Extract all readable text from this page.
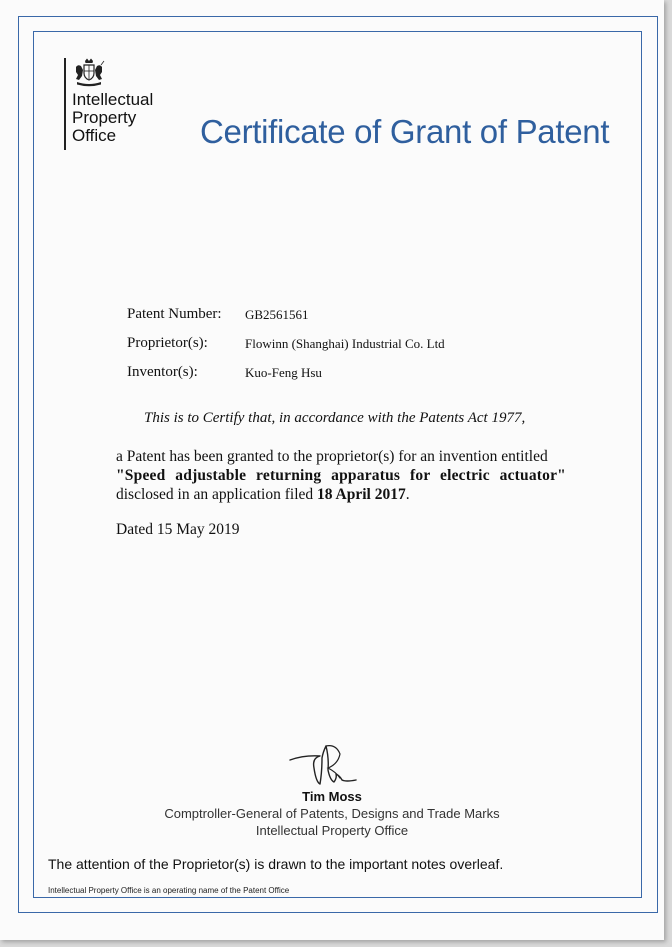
Intellectual
Property
Office	Certificate of Grant of Patent
Patent Number:	GB2561561
Proprietor(s):	Flowinn (Shanghai) Industrial Co. Ltd
Inventor(s):	Kuo-Feng Hsu
This is to Certify that, in accordance with the Patents Act 1977,
a Patent has been granted to the proprietor(s) for an invention entitled
"Speed adjustable returning apparatus for electric actuator"
disclosed in an application filed 18 April 2017.
Dated 15 May 2019
Tim Moss
Comptroller-General of Patents, Designs and Trade Marks
Intellectual Property Office
The attention of the Proprietor(s) is drawn to the important notes overleaf.
Intellectual Property Office is an operating name of the Patent Office
